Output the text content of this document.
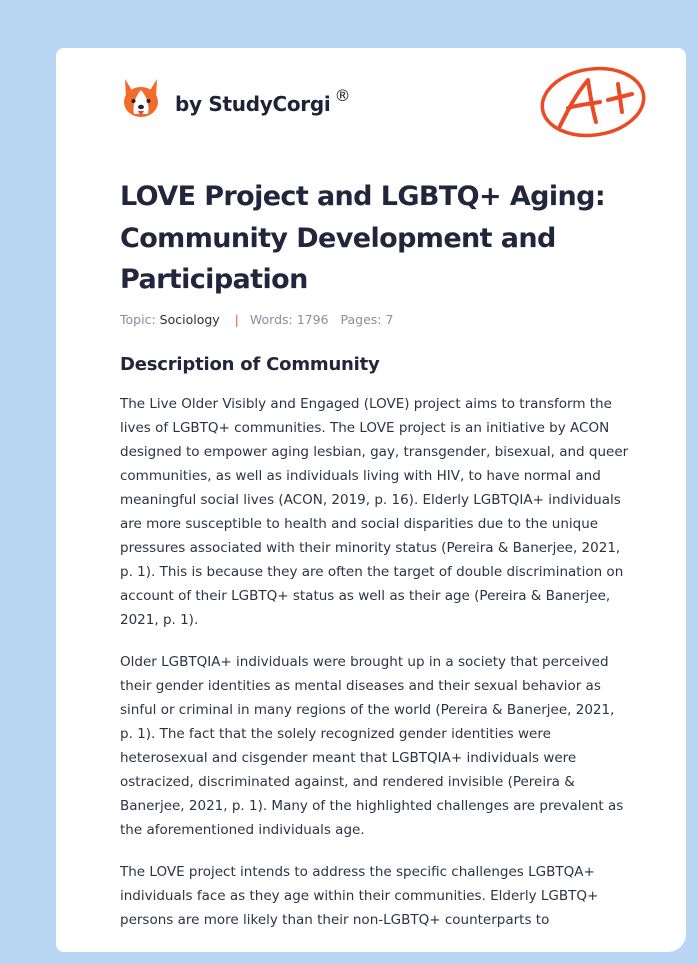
by StudyCorgi ®
LOVE Project and LGBTQ+ Aging: Community Development and Participation
Topic: Sociology | Words: 1796 Pages: 7
Description of Community

The Live Older Visibly and Engaged (LOVE) project aims to transform the
lives of LGBTQ+ communities. The LOVE project is an initiative by ACON
designed to empower aging lesbian, gay, transgender, bisexual, and queer
communities, as well as individuals living with HIV, to have normal and
meaningful social lives (ACON, 2019, p. 16). Elderly LGBTQIA+ individuals
are more susceptible to health and social disparities due to the unique
pressures associated with their minority status (Pereira & Banerjee, 2021,
p. 1). This is because they are often the target of double discrimination on
account of their LGBTQ+ status as well as their age (Pereira & Banerjee,
2021, p. 1).

Older LGBTQIA+ individuals were brought up in a society that perceived
their gender identities as mental diseases and their sexual behavior as
sinful or criminal in many regions of the world (Pereira & Banerjee, 2021,
p. 1). The fact that the solely recognized gender identities were
heterosexual and cisgender meant that LGBTQIA+ individuals were
ostracized, discriminated against, and rendered invisible (Pereira &
Banerjee, 2021, p. 1). Many of the highlighted challenges are prevalent as
the aforementioned individuals age.

The LOVE project intends to address the specific challenges LGBTQA+
individuals face as they age within their communities. Elderly LGBTQ+
persons are more likely than their non-LGBTQ+ counterparts to
